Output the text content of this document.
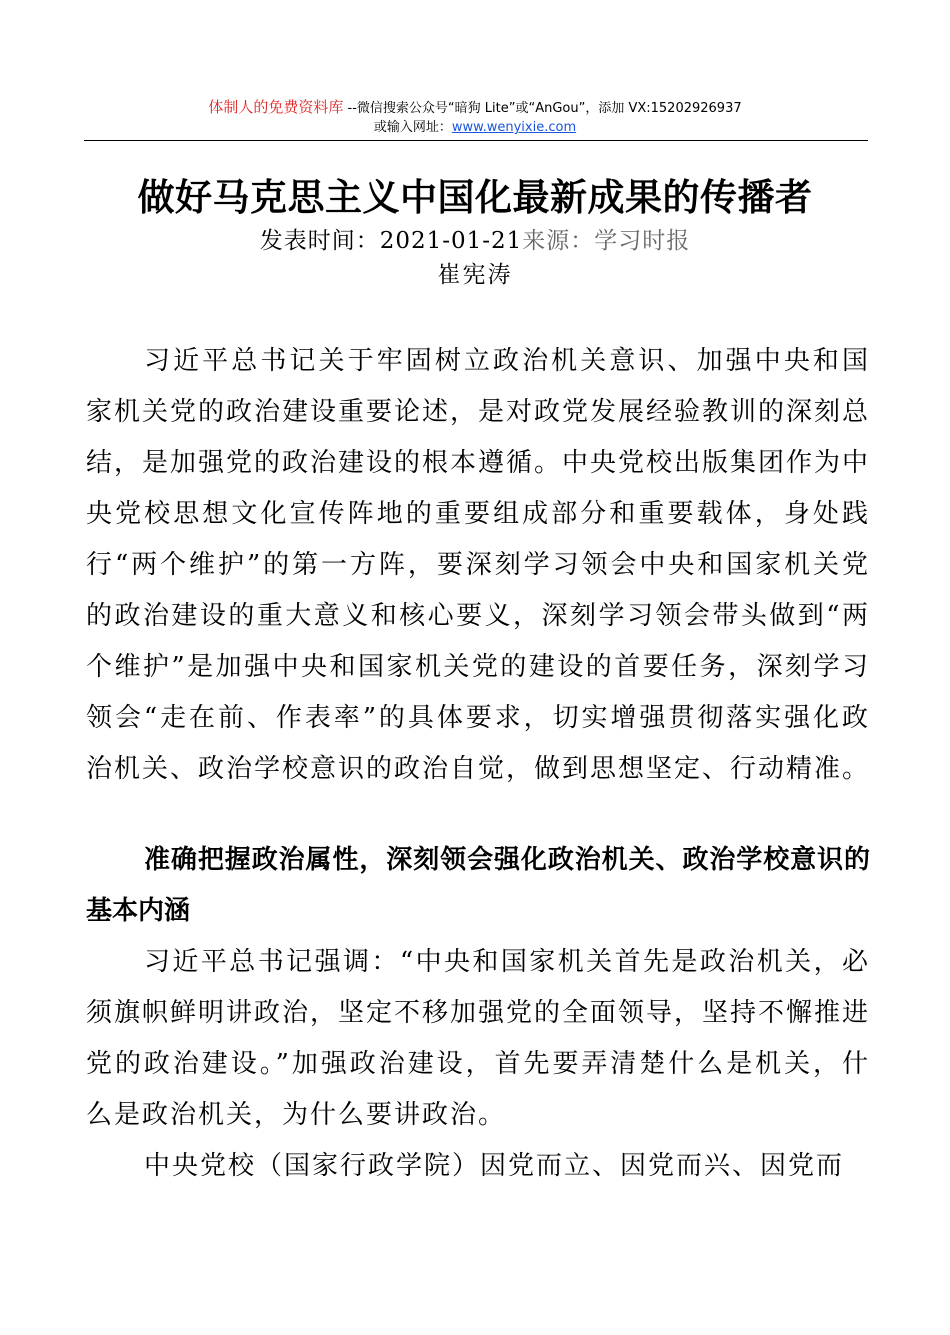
体制人的免费资料库 --微信搜索公众号“暗狗 Lite”或“AnGou”，添加 VX:15202926937
或输入网址：www.wenyixie.com
做好马克思主义中国化最新成果的传播者
发表时间：2021-01-21来源：学习时报
崔宪涛

习近平总书记关于牢固树立政治机关意识、加强中央和国家机关党的政治建设重要论述，是对政党发展经验教训的深刻总结，是加强党的政治建设的根本遵循。中央党校出版集团作为中央党校思想文化宣传阵地的重要组成部分和重要载体，身处践行“两个维护”的第一方阵，要深刻学习领会中央和国家机关党的政治建设的重大意义和核心要义，深刻学习领会带头做到“两个维护”是加强中央和国家机关党的建设的首要任务，深刻学习领会“走在前、作表率”的具体要求，切实增强贯彻落实强化政治机关、政治学校意识的政治自觉，做到思想坚定、行动精准。

准确把握政治属性，深刻领会强化政治机关、政治学校意识的基本内涵

习近平总书记强调：“中央和国家机关首先是政治机关，必须旗帜鲜明讲政治，坚定不移加强党的全面领导，坚持不懈推进党的政治建设。”加强政治建设，首先要弄清楚什么是机关，什么是政治机关，为什么要讲政治。

中央党校（国家行政学院）因党而立、因党而兴、因党而
